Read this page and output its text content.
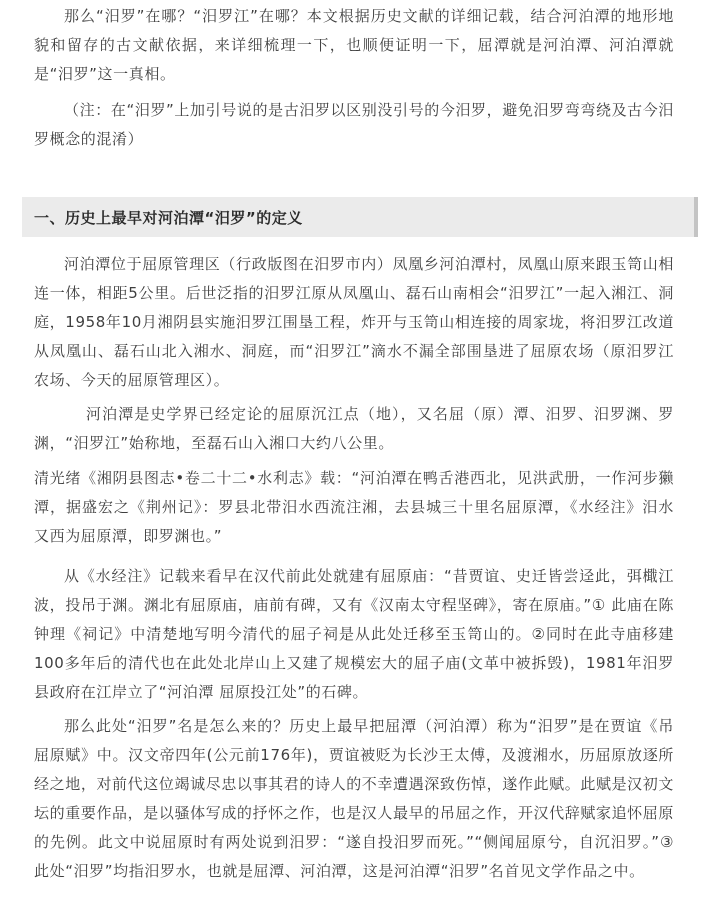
那么“汨罗”在哪？“汨罗江”在哪？本文根据历史文献的详细记载，结合河泊潭的地形地貌和留存的古文献依据，来详细梳理一下，也顺便证明一下，屈潭就是河泊潭、河泊潭就是“汨罗”这一真相。

（注：在“汨罗”上加引号说的是古汨罗以区别没引号的今汨罗，避免汨罗弯弯绕及古今汨罗概念的混淆）

一、历史上最早对河泊潭“汨罗”的定义

河泊潭位于屈原管理区（行政版图在汨罗市内）凤凰乡河泊潭村，凤凰山原来跟玉笥山相连一体，相距5公里。后世泛指的汨罗江原从凤凰山、磊石山南相会“汨罗江”一起入湘江、洞庭，1958年10月湘阴县实施汨罗江围垦工程，炸开与玉笥山相连接的周家垅，将汨罗江改道从凤凰山、磊石山北入湘水、洞庭，而“汨罗江”滴水不漏全部围垦进了屈原农场（原汨罗江农场、今天的屈原管理区）。

河泊潭是史学界已经定论的屈原沉江点（地），又名屈（原）潭、汨罗、汨罗渊、罗渊，“汨罗江”始称地，至磊石山入湘口大约八公里。

清光绪《湘阴县图志•卷二十二•水利志》载：“河泊潭在鸭舌港西北，见洪武册，一作河步獭潭，据盛宏之《荆州记》：罗县北带汨水西流注湘，去县城三十里名屈原潭，《水经注》汨水又西为屈原潭，即罗渊也。”

从《水经注》记载来看早在汉代前此处就建有屈原庙：“昔贾谊、史迁皆尝迳此，弭檝江波，投吊于渊。渊北有屈原庙，庙前有碑，又有《汉南太守程坚碑》，寄在原庙。”① 此庙在陈钟理《祠记》中清楚地写明今清代的屈子祠是从此处迁移至玉笥山的。②同时在此寺庙移建100多年后的清代也在此处北岸山上又建了规模宏大的屈子庙(文革中被拆毁)，1981年汨罗县政府在江岸立了“河泊潭 屈原投江处”的石碑。

那么此处“汨罗”名是怎么来的？历史上最早把屈潭（河泊潭）称为“汨罗”是在贾谊《吊屈原赋》中。汉文帝四年(公元前176年)，贾谊被贬为长沙王太傅，及渡湘水，历屈原放逐所经之地，对前代这位竭诚尽忠以事其君的诗人的不幸遭遇深致伤悼，遂作此赋。此赋是汉初文坛的重要作品，是以骚体写成的抒怀之作，也是汉人最早的吊屈之作，开汉代辞赋家追怀屈原的先例。此文中说屈原时有两处说到汨罗：“遂自投汨罗而死。”“侧闻屈原兮，自沉汨罗。”③此处“汨罗”均指汨罗水，也就是屈潭、河泊潭，这是河泊潭“汨罗”名首见文学作品之中。
